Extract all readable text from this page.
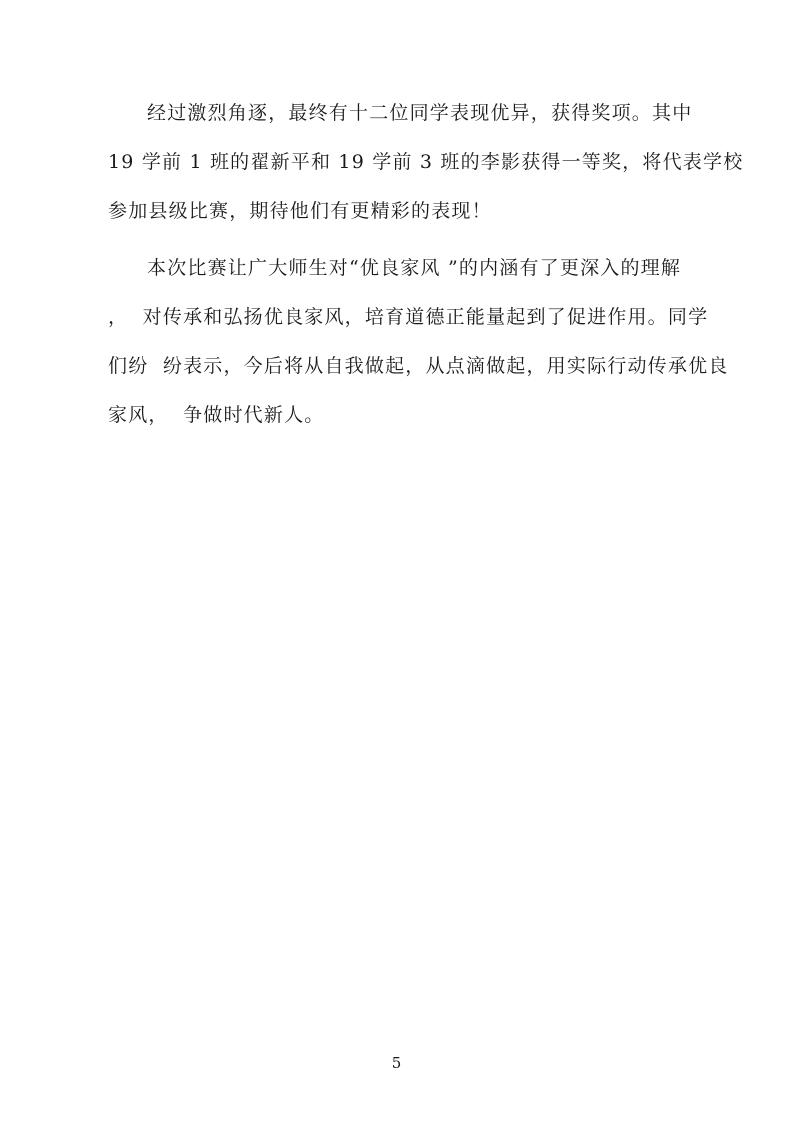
经过激烈角逐，最终有十二位同学表现优异，获得奖项。其中
19 学前 1 班的翟新平和 19 学前 3 班的李影获得一等奖，将代表学校
参加县级比赛，期待他们有更精彩的表现！
本次比赛让广大师生对“优良家风 ”的内涵有了更深入的理解
，  对传承和弘扬优良家风，培育道德正能量起到了促进作用。同学
们纷  纷表示，今后将从自我做起，从点滴做起，用实际行动传承优良
家风，  争做时代新人。
5
